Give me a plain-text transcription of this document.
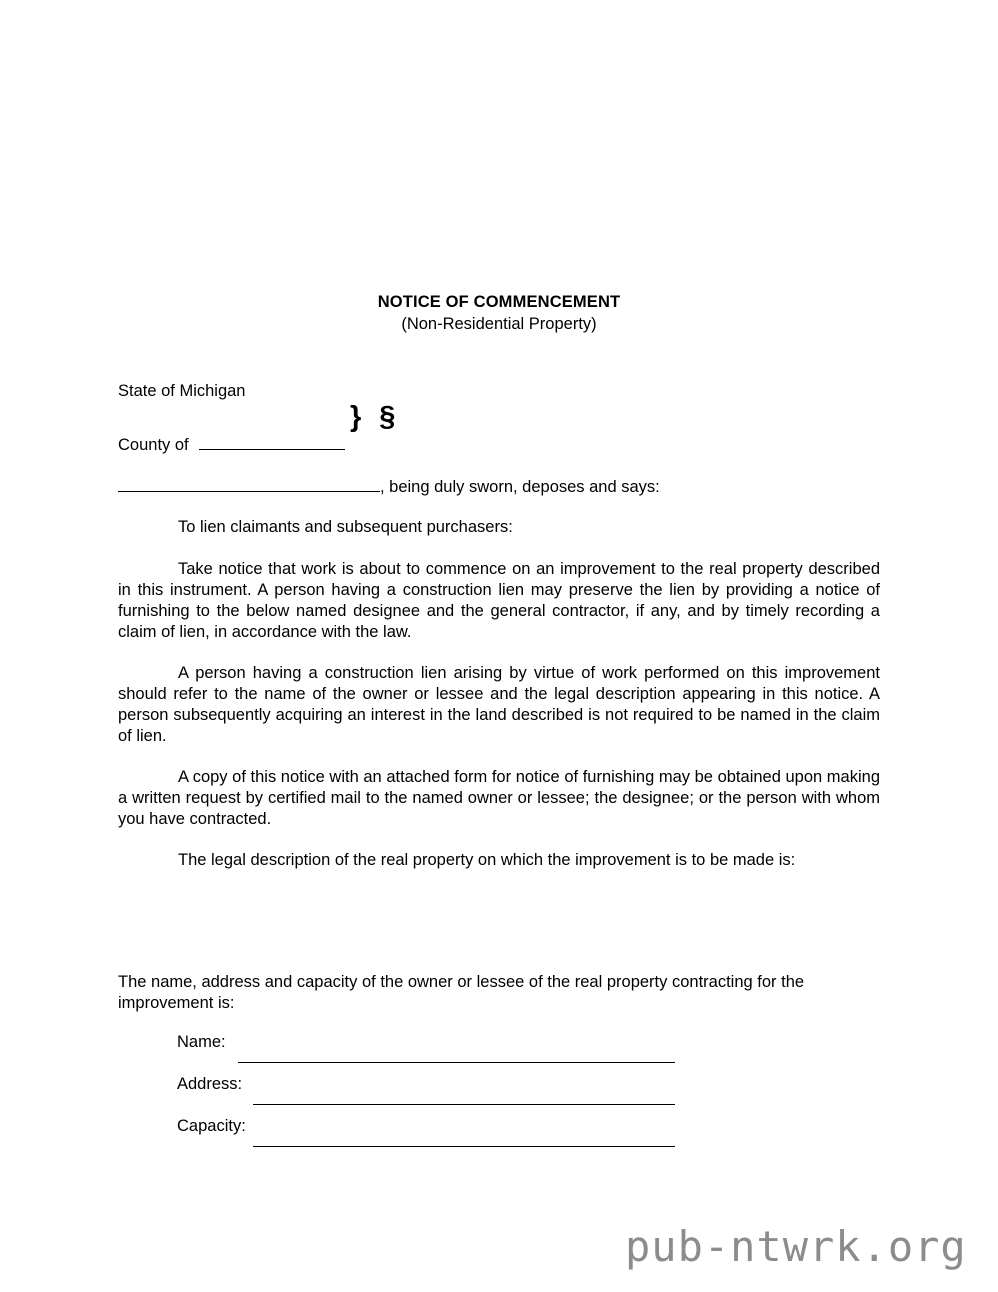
NOTICE OF COMMENCEMENT
(Non-Residential Property)
State of Michigan
County of
} §
, being duly sworn, deposes and says:

To lien claimants and subsequent purchasers:

Take notice that work is about to commence on an improvement to the real property described in this instrument. A person having a construction lien may preserve the lien by providing a notice of furnishing to the below named designee and the general contractor, if any, and by timely recording a claim of lien, in accordance with the law.

A person having a construction lien arising by virtue of work performed on this improvement should refer to the name of the owner or lessee and the legal description appearing in this notice. A person subsequently acquiring an interest in the land described is not required to be named in the claim of lien.

A copy of this notice with an attached form for notice of furnishing may be obtained upon making a written request by certified mail to the named owner or lessee; the designee; or the person with whom you have contracted.

The legal description of the real property on which the improvement is to be made is:

The name, address and capacity of the owner or lessee of the real property contracting for the improvement is:
Name:
Address:
Capacity:
pub-ntwrk.org
